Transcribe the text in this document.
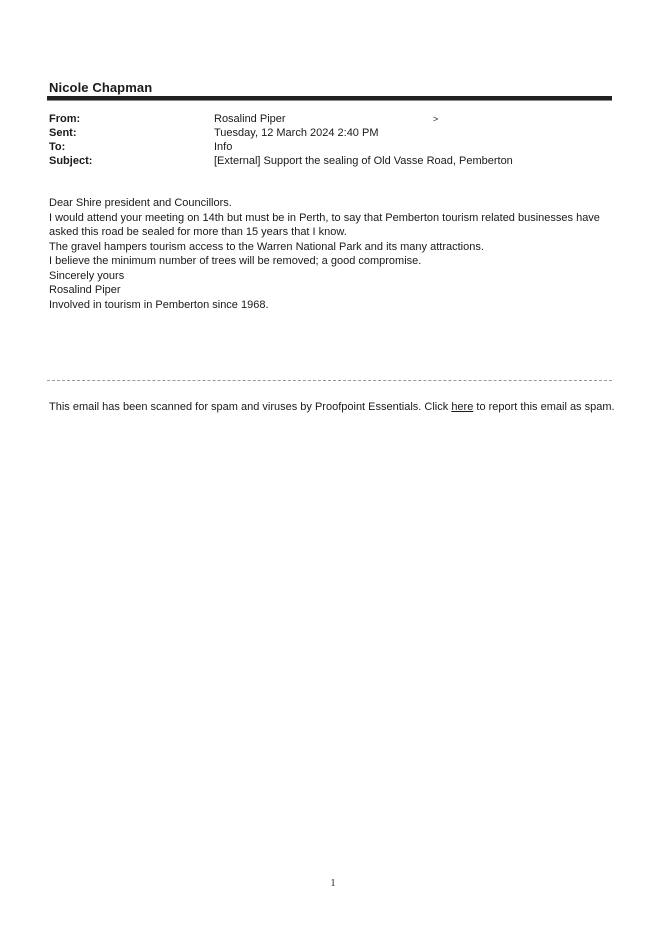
Nicole Chapman
From:	Rosalind Piper	>
Sent:	Tuesday, 12 March 2024 2:40 PM
To:	Info
Subject:	[External] Support the sealing of Old Vasse Road, Pemberton

Dear Shire president and Councillors.

I would attend your meeting on 14th but must be in Perth, to say that Pemberton tourism related businesses have asked this road be sealed for more than 15 years that I know.

The gravel hampers tourism access to the Warren National Park and its many attractions.

I believe the minimum number of trees will be removed; a good compromise.

Sincerely yours

Rosalind Piper

Involved in tourism in Pemberton since 1968.

This email has been scanned for spam and viruses by Proofpoint Essentials. Click here to report this email as spam.
1
